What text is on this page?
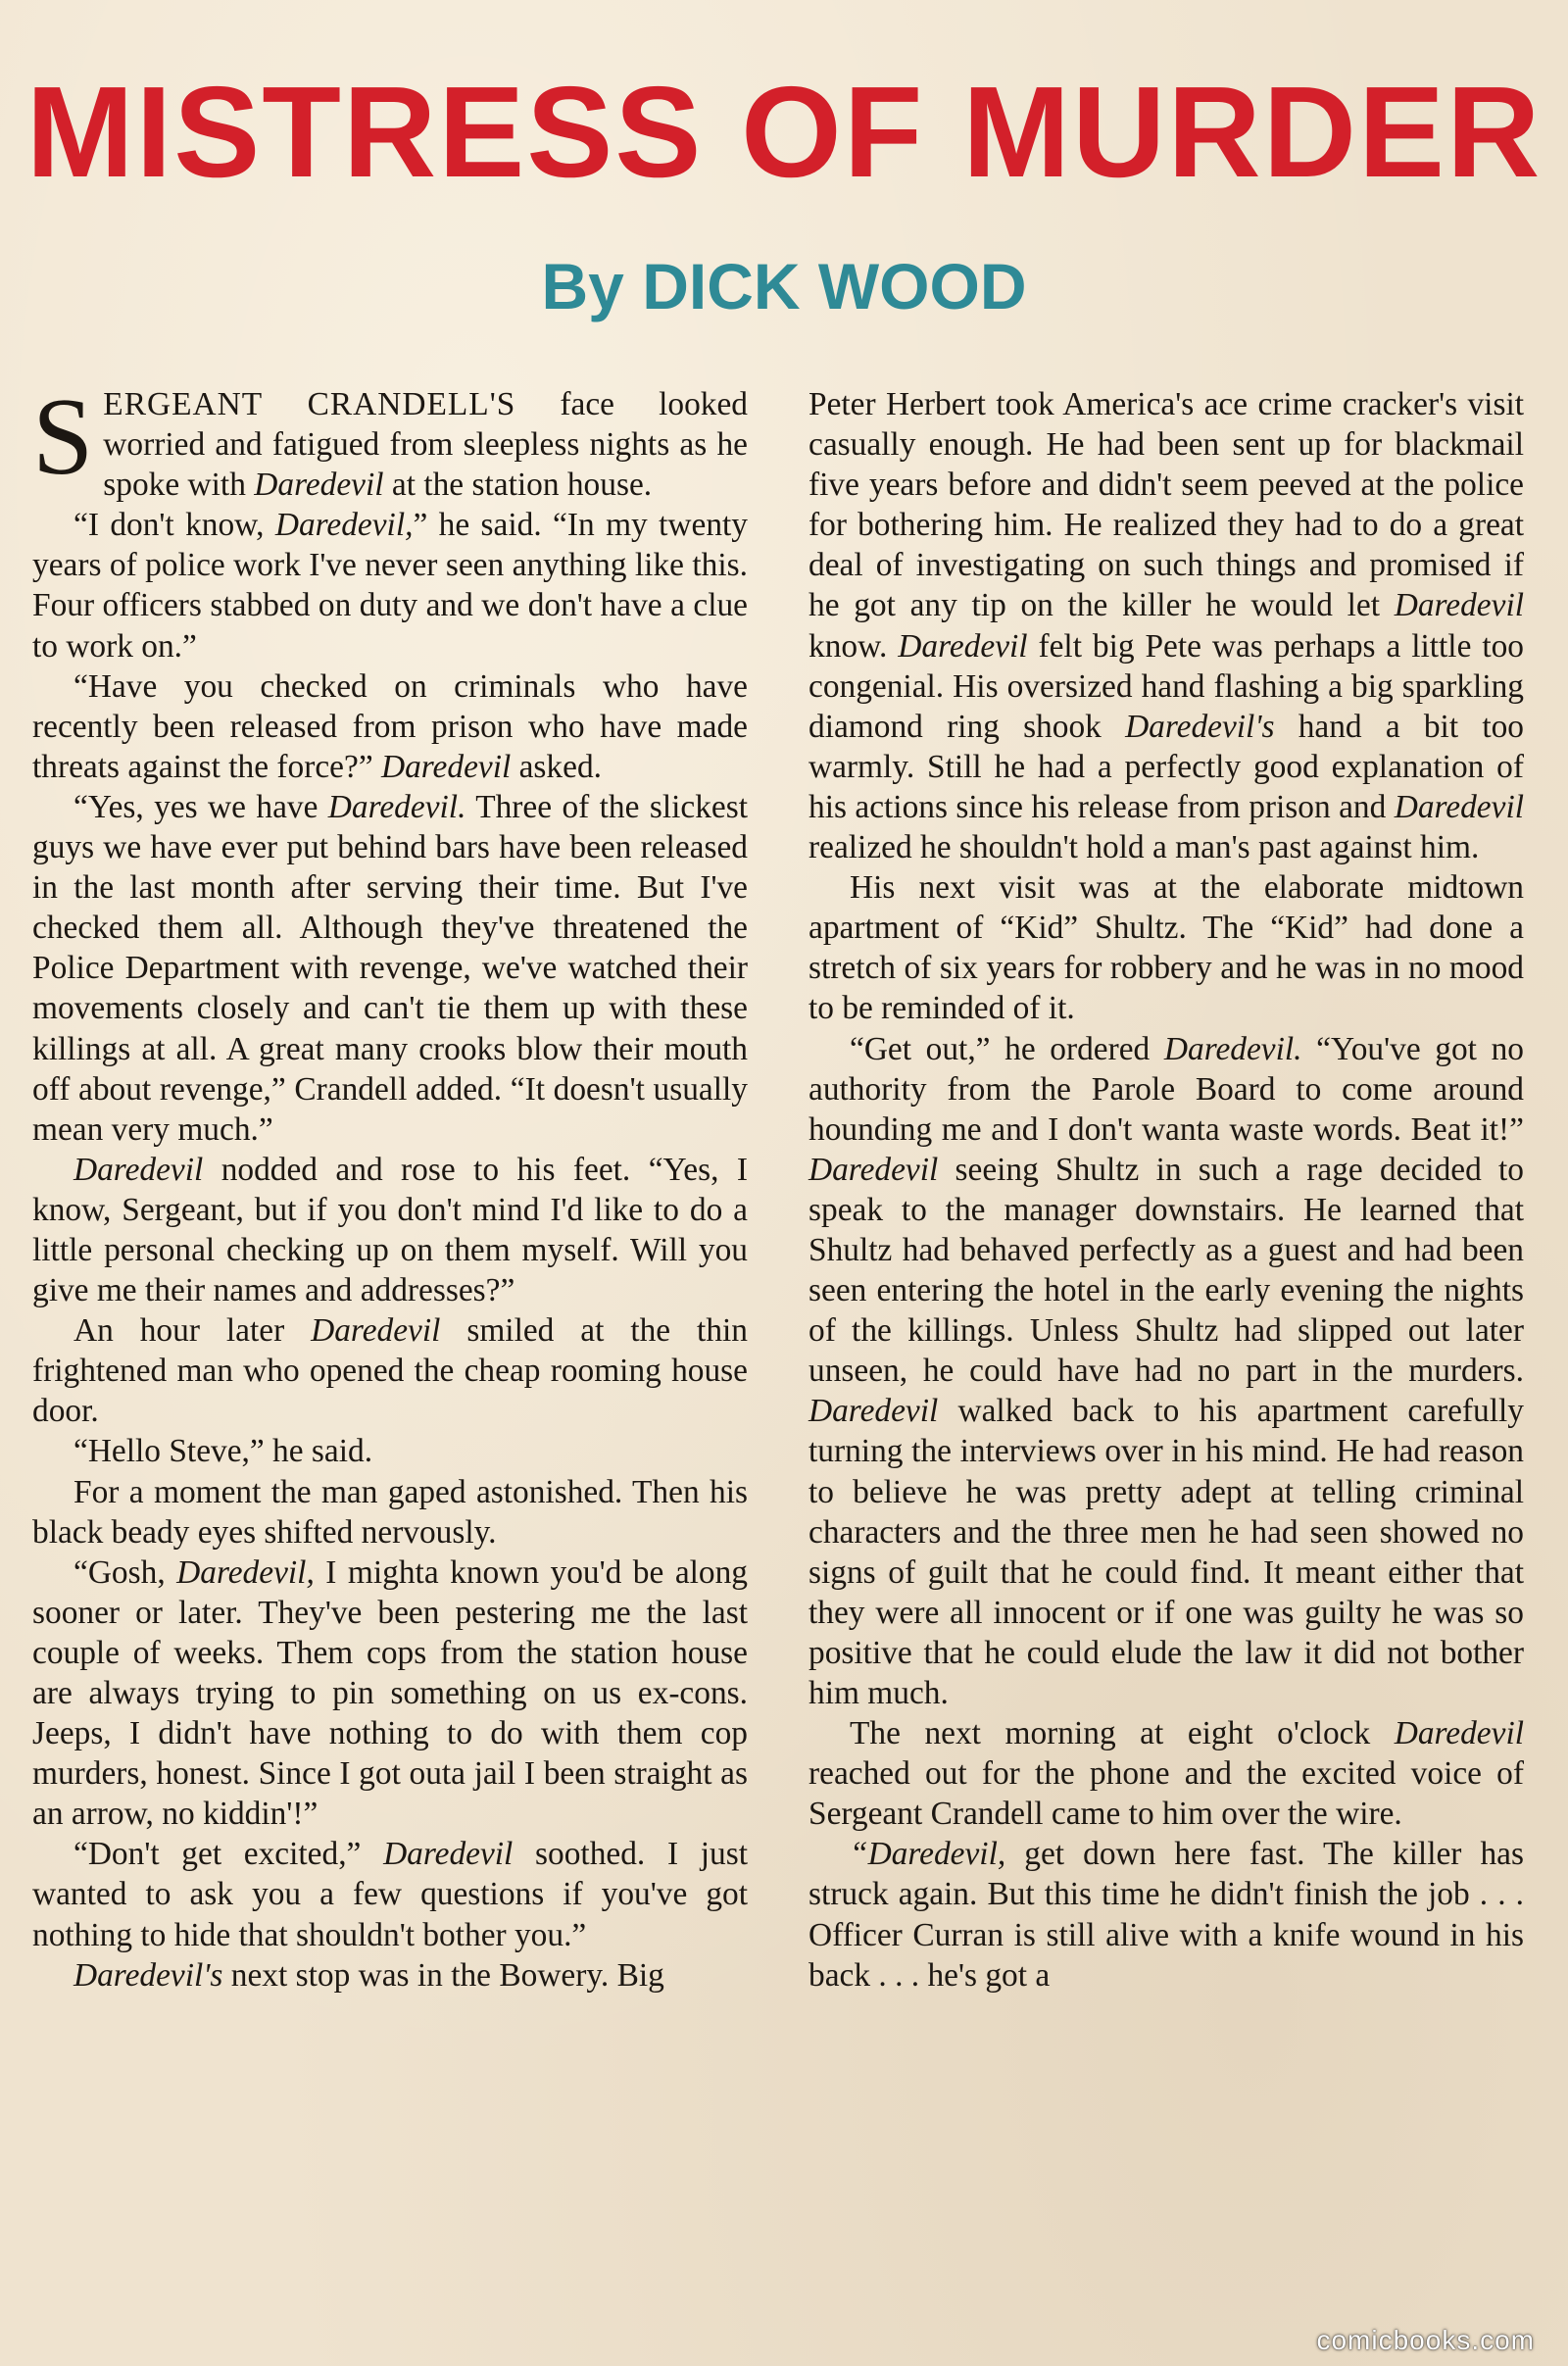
MISTRESS OF MURDER
By DICK WOOD

SERGEANT CRANDELL'S face looked worried and fatigued from sleepless nights as he spoke with Daredevil at the station house.

“I don't know, Daredevil,” he said. “In my twenty years of police work I've never seen anything like this. Four officers stabbed on duty and we don't have a clue to work on.”

“Have you checked on criminals who have recently been released from prison who have made threats against the force?” Daredevil asked.

“Yes, yes we have Daredevil. Three of the slickest guys we have ever put behind bars have been released in the last month after serving their time. But I've checked them all. Although they've threatened the Police Department with revenge, we've watched their movements closely and can't tie them up with these killings at all. A great many crooks blow their mouth off about revenge,” Crandell added. “It doesn't usually mean very much.”

Daredevil nodded and rose to his feet. “Yes, I know, Sergeant, but if you don't mind I'd like to do a little personal checking up on them myself. Will you give me their names and addresses?”

An hour later Daredevil smiled at the thin frightened man who opened the cheap rooming house door.

“Hello Steve,” he said.

For a moment the man gaped astonished. Then his black beady eyes shifted nervously.

“Gosh, Daredevil, I mighta known you'd be along sooner or later. They've been pestering me the last couple of weeks. Them cops from the station house are always trying to pin something on us ex-cons. Jeeps, I didn't have nothing to do with them cop murders, honest. Since I got outa jail I been straight as an arrow, no kiddin'!”

“Don't get excited,” Daredevil soothed. I just wanted to ask you a few questions if you've got nothing to hide that shouldn't bother you.”

Daredevil's next stop was in the Bowery. Big

Peter Herbert took America's ace crime cracker's visit casually enough. He had been sent up for blackmail five years before and didn't seem peeved at the police for bothering him. He realized they had to do a great deal of investigating on such things and promised if he got any tip on the killer he would let Daredevil know. Daredevil felt big Pete was perhaps a little too congenial. His oversized hand flashing a big sparkling diamond ring shook Daredevil's hand a bit too warmly. Still he had a perfectly good explanation of his actions since his release from prison and Daredevil realized he shouldn't hold a man's past against him.

His next visit was at the elaborate midtown apartment of “Kid” Shultz. The “Kid” had done a stretch of six years for robbery and he was in no mood to be reminded of it.

“Get out,” he ordered Daredevil. “You've got no authority from the Parole Board to come around hounding me and I don't wanta waste words. Beat it!” Daredevil seeing Shultz in such a rage decided to speak to the manager downstairs. He learned that Shultz had behaved perfectly as a guest and had been seen entering the hotel in the early evening the nights of the killings. Unless Shultz had slipped out later unseen, he could have had no part in the murders. Daredevil walked back to his apartment carefully turning the interviews over in his mind. He had reason to believe he was pretty adept at telling criminal characters and the three men he had seen showed no signs of guilt that he could find. It meant either that they were all innocent or if one was guilty he was so positive that he could elude the law it did not bother him much.

The next morning at eight o'clock Daredevil reached out for the phone and the excited voice of Sergeant Crandell came to him over the wire.

“Daredevil, get down here fast. The killer has struck again. But this time he didn't finish the job . . . Officer Curran is still alive with a knife wound in his back . . . he's got a

comicbooks.com
